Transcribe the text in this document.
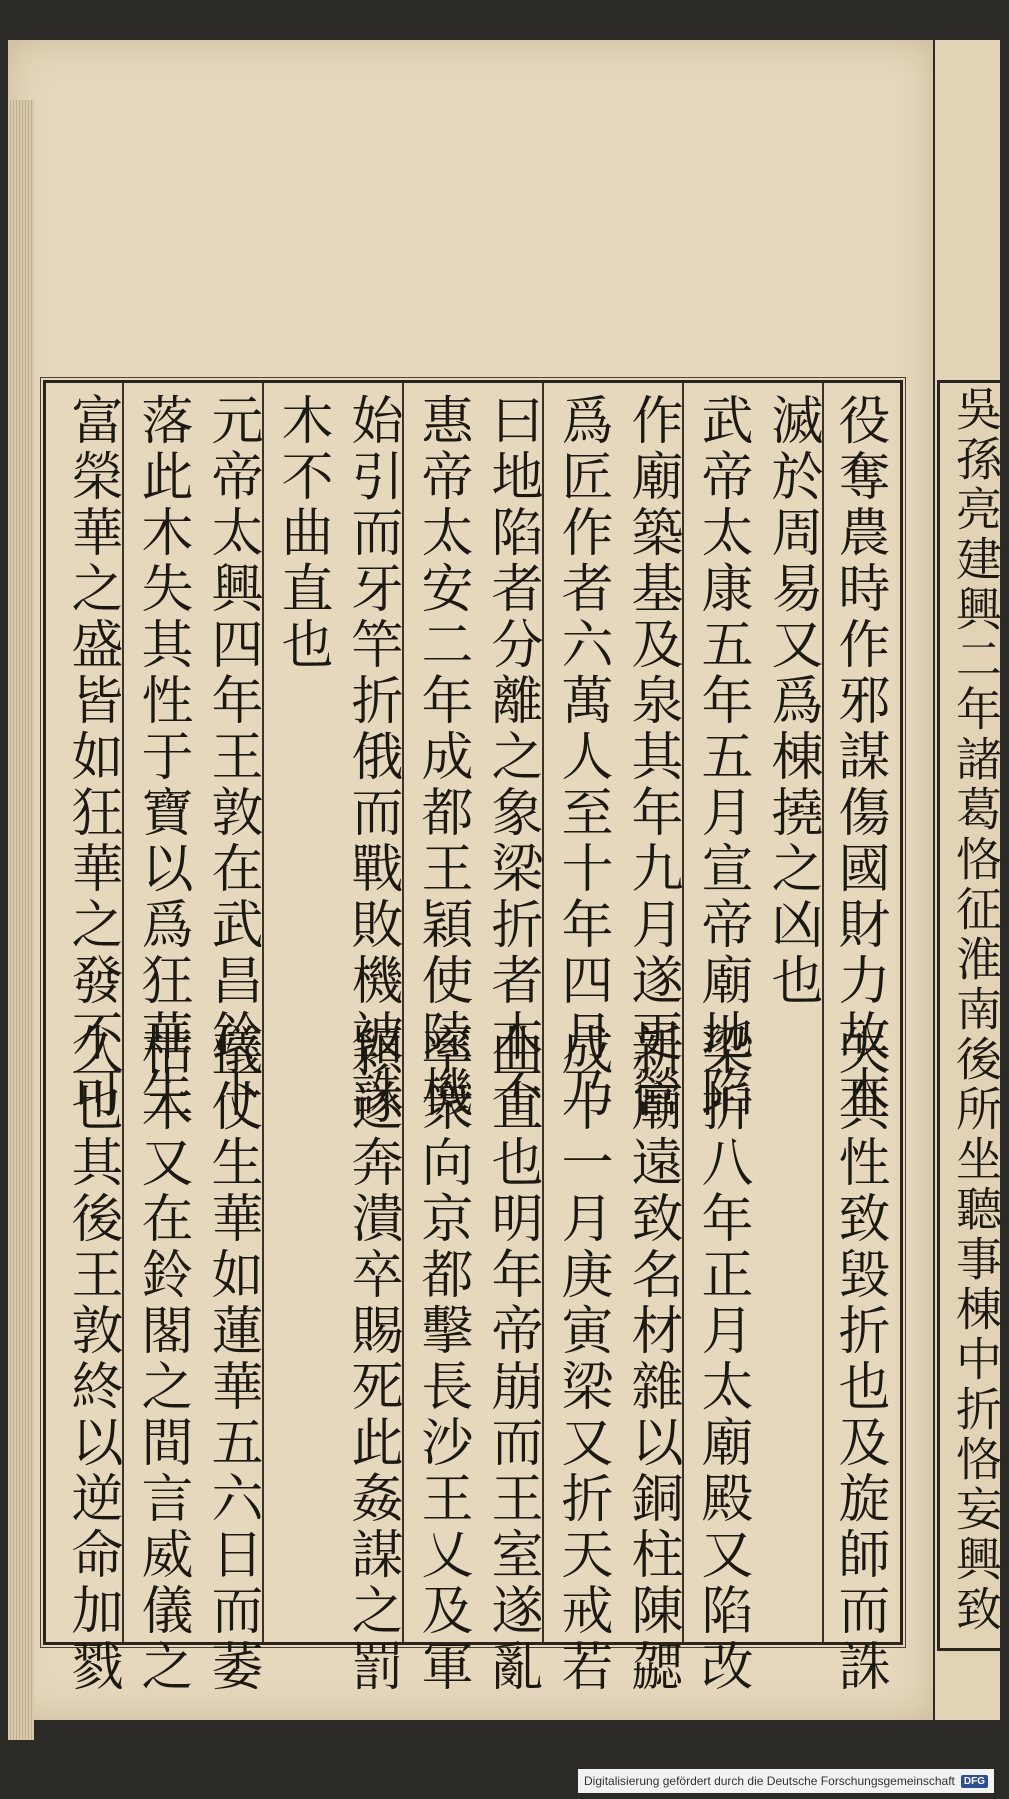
役奪農時作邪謀傷國財力故木
滅於周易又爲棟撓之凶也
武帝太康五年五月宣帝廟地陷
作廟築基及泉其年九月遂更營
爲匠作者六萬人至十年四月乃
曰地陷者分離之象梁折者木不
惠帝太安二年成都王穎使陸機
始引而牙竿折俄而戰敗機被誅
木不曲直也
元帝太興四年王敦在武昌鈴下
落此木失其性于寶以爲狂華生
富榮華之盛皆如狂華之發不可
失其性致毀折也及旋師而誅
梁折八年正月太廟殿又陷改
新廟遠致名材雜以銅柱陳勰
成十一月庚寅梁又折天戒若
曲直也明年帝崩而王室遂亂
率衆向京都擊長沙王乂及軍
穎遂奔潰卒賜死此姦謀之罰
儀仗生華如蓮華五六日而萎
枯木又在鈴閣之間言威儀之
久也其後王敦終以逆命加戮	吳孫亮建興二年諸葛恪征淮南後所坐聽事棟中折恪妄興致
Digitalisierung gefördert durch die Deutsche Forschungsgemeinschaft DFG
